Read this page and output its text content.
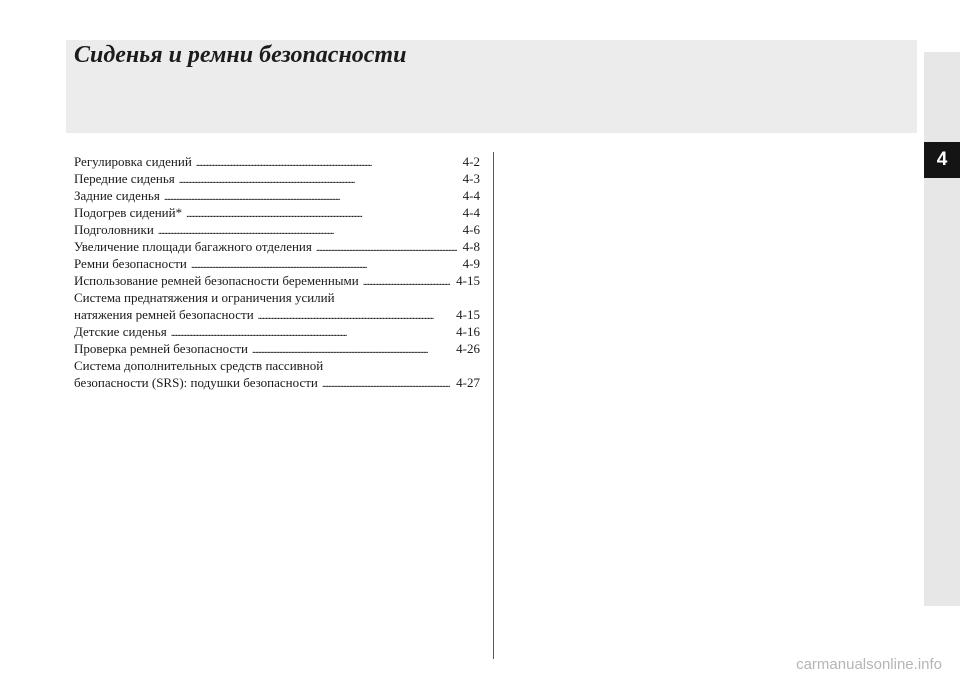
Сиденья и ремни безопасности
4
Регулировка сидений . . .	4-2
Передние сиденья . . .	4-3
Задние сиденья . . .	4-4
Подогрев сидений* . . .	4-4
Подголовники . . .	4-6
Увеличение площади багажного отделения . . .	4-8
Ремни безопасности . . .	4-9
Использование ремней безопасности беременными . . .	4-15
Система преднатяжения и ограничения усилий
натяжения ремней безопасности . . .	4-15
Детские сиденья . . .	4-16
Проверка ремней безопасности . . .	4-26
Система дополнительных средств пассивной
безопасности (SRS): подушки безопасности . . .	4-27
carmanualsonline.info
